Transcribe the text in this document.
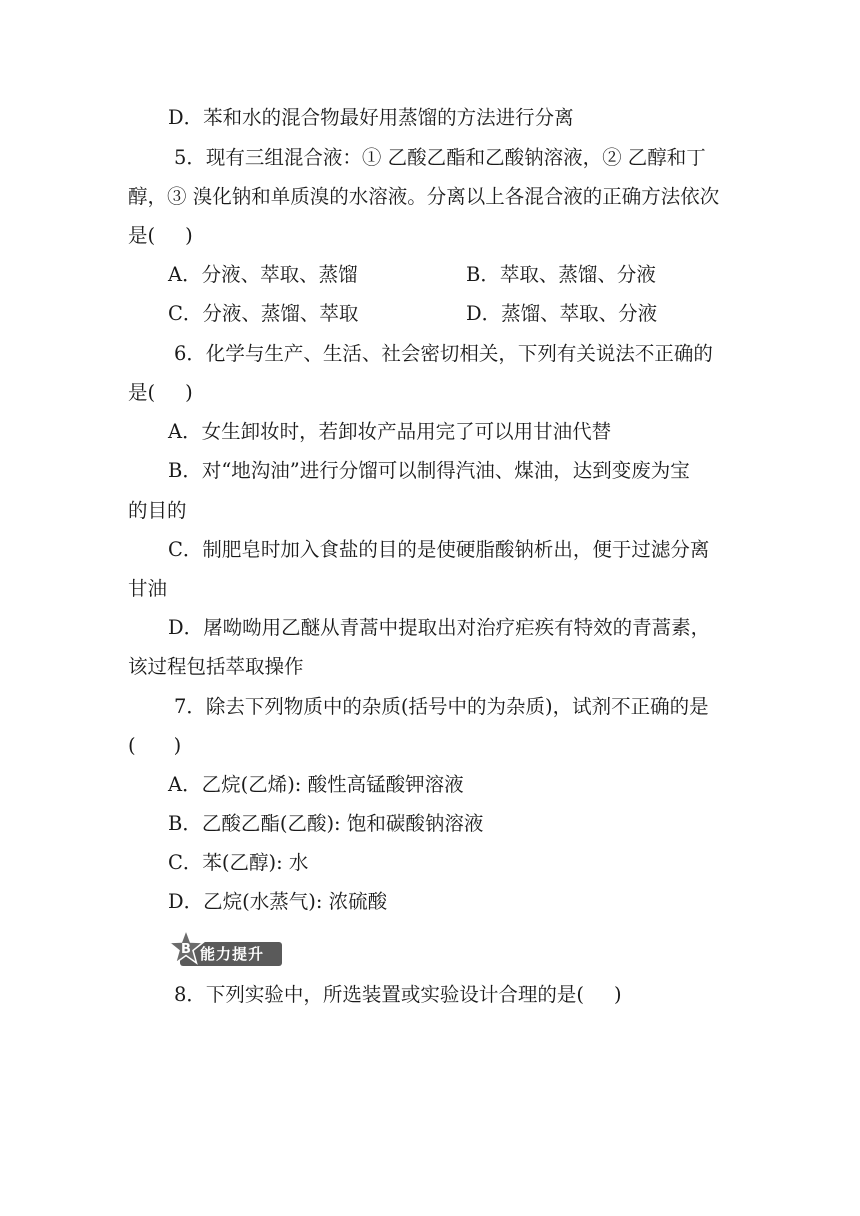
D．苯和水的混合物最好用蒸馏的方法进行分离
5．现有三组混合液：① 乙酸乙酯和乙酸钠溶液，② 乙醇和丁
醇，③ 溴化钠和单质溴的水溶液。分离以上各混合液的正确方法依次
是( )
A．分液、萃取、蒸馏	B．萃取、蒸馏、分液
C．分液、蒸馏、萃取	D．蒸馏、萃取、分液
6．化学与生产、生活、社会密切相关，下列有关说法不正确的
是( )
A．女生卸妆时，若卸妆产品用完了可以用甘油代替
B．对“地沟油”进行分馏可以制得汽油、煤油，达到变废为宝
的目的
C．制肥皂时加入食盐的目的是使硬脂酸钠析出，便于过滤分离
甘油
D．屠呦呦用乙醚从青蒿中提取出对治疗疟疾有特效的青蒿素，
该过程包括萃取操作
7．除去下列物质中的杂质(括号中的为杂质)，试剂不正确的是
( )
A．乙烷(乙烯): 酸性高锰酸钾溶液
B．乙酸乙酯(乙酸): 饱和碳酸钠溶液
C．苯(乙醇): 水
D．乙烷(水蒸气): 浓硫酸
B 能力提升
8．下列实验中，所选装置或实验设计合理的是( )
